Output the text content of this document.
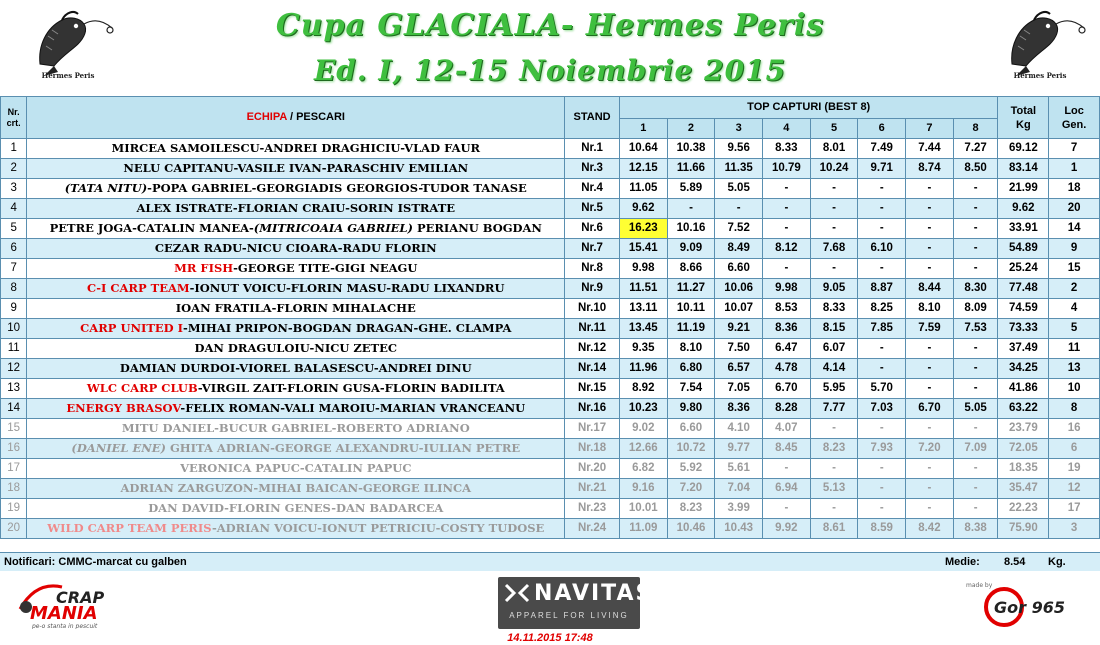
Hermes Peris
Cupa GLACIALA- Hermes Peris
Ed. I, 12-15 Noiembrie 2015	Hermes Peris
Nr.
crt.	ECHIPA / PESCARI	STAND	TOP CAPTURI (BEST 8)								Total
Kg	Loc
Gen.
			1	2	3	4	5	6	7	8		
1	MIRCEA SAMOILESCU-ANDREI DRAGHICIU-VLAD FAUR	Nr.1	10.64	10.38	9.56	8.33	8.01	7.49	7.44	7.27	69.12	7
2	NELU CAPITANU-VASILE IVAN-PARASCHIV EMILIAN	Nr.3	12.15	11.66	11.35	10.79	10.24	9.71	8.74	8.50	83.14	1
3	(TATA NITU)-POPA GABRIEL-GEORGIADIS GEORGIOS-TUDOR TANASE	Nr.4	11.05	5.89	5.05	-	-	-	-	-	21.99	18
4	ALEX ISTRATE-FLORIAN CRAIU-SORIN ISTRATE	Nr.5	9.62	-	-	-	-	-	-	-	9.62	20
5	PETRE JOGA-CATALIN MANEA-(MITRICOAIA GABRIEL) PERIANU BOGDAN	Nr.6	16.23	10.16	7.52	-	-	-	-	-	33.91	14
6	CEZAR RADU-NICU CIOARA-RADU FLORIN	Nr.7	15.41	9.09	8.49	8.12	7.68	6.10	-	-	54.89	9
7	MR FISH-GEORGE TITE-GIGI NEAGU	Nr.8	9.98	8.66	6.60	-	-	-	-	-	25.24	15
8	C-I CARP TEAM-IONUT VOICU-FLORIN MASU-RADU LIXANDRU	Nr.9	11.51	11.27	10.06	9.98	9.05	8.87	8.44	8.30	77.48	2
9	IOAN FRATILA-FLORIN MIHALACHE	Nr.10	13.11	10.11	10.07	8.53	8.33	8.25	8.10	8.09	74.59	4
10	CARP UNITED I-MIHAI PRIPON-BOGDAN DRAGAN-GHE. CLAMPA	Nr.11	13.45	11.19	9.21	8.36	8.15	7.85	7.59	7.53	73.33	5
11	DAN DRAGULOIU-NICU ZETEC	Nr.12	9.35	8.10	7.50	6.47	6.07	-	-	-	37.49	11
12	DAMIAN DURDOI-VIOREL BALASESCU-ANDREI DINU	Nr.14	11.96	6.80	6.57	4.78	4.14	-	-	-	34.25	13
13	WLC CARP CLUB-VIRGIL ZAIT-FLORIN GUSA-FLORIN BADILITA	Nr.15	8.92	7.54	7.05	6.70	5.95	5.70	-	-	41.86	10
14	ENERGY BRASOV-FELIX ROMAN-VALI MAROIU-MARIAN VRANCEANU	Nr.16	10.23	9.80	8.36	8.28	7.77	7.03	6.70	5.05	63.22	8
15	MITU DANIEL-BUCUR GABRIEL-ROBERTO ADRIANO	Nr.17	9.02	6.60	4.10	4.07	-	-	-	-	23.79	16
16	(DANIEL ENE) GHITA ADRIAN-GEORGE ALEXANDRU-IULIAN PETRE	Nr.18	12.66	10.72	9.77	8.45	8.23	7.93	7.20	7.09	72.05	6
17	VERONICA PAPUC-CATALIN PAPUC	Nr.20	6.82	5.92	5.61	-	-	-	-	-	18.35	19
18	ADRIAN ZARGUZON-MIHAI BAICAN-GEORGE ILINCA	Nr.21	9.16	7.20	7.04	6.94	5.13	-	-	-	35.47	12
19	DAN DAVID-FLORIN GENES-DAN BADARCEA	Nr.23	10.01	8.23	3.99	-	-	-	-	-	22.23	17
20	WILD CARP TEAM PERIS-ADRIAN VOICU-IONUT PETRICIU-COSTY TUDOSE	Nr.24	11.09	10.46	10.43	9.92	8.61	8.59	8.42	8.38	75.90	3
Notificari: CMMC-marcat cu galben	Medie: 8.54 Kg.
CRAP
MANIA
pe-o stanta in pescuit
NAVITAS
APPAREL FOR LIVING
made by
Gor 965
14.11.2015 17:48
